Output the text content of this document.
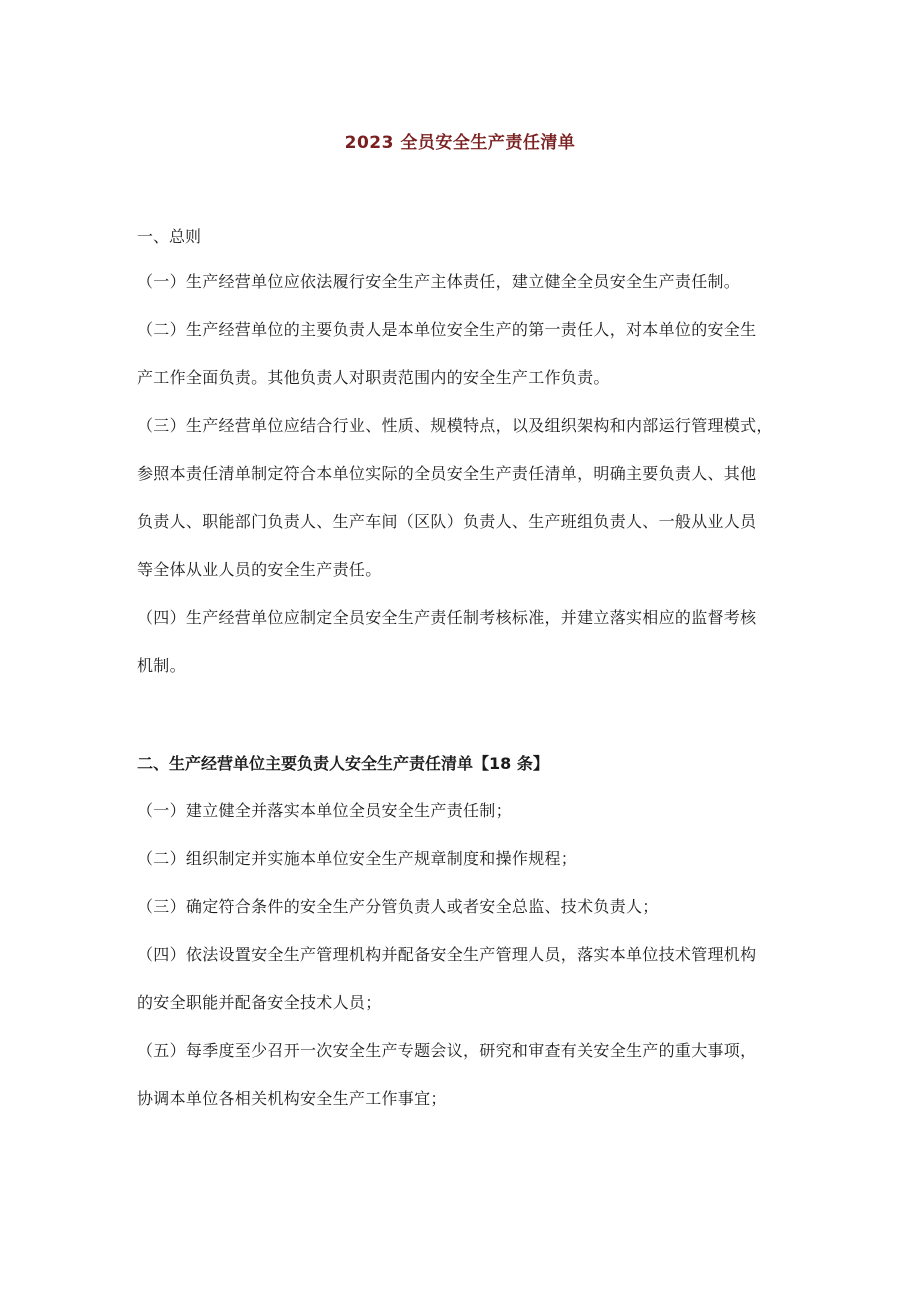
2023 全员安全生产责任清单

一、总则

（一）生产经营单位应依法履行安全生产主体责任，建立健全全员安全生产责任制。

（二）生产经营单位的主要负责人是本单位安全生产的第一责任人，对本单位的安全生

产工作全面负责。其他负责人对职责范围内的安全生产工作负责。

（三）生产经营单位应结合行业、性质、规模特点，以及组织架构和内部运行管理模式，

参照本责任清单制定符合本单位实际的全员安全生产责任清单，明确主要负责人、其他

负责人、职能部门负责人、生产车间（区队）负责人、生产班组负责人、一般从业人员

等全体从业人员的安全生产责任。

（四）生产经营单位应制定全员安全生产责任制考核标准，并建立落实相应的监督考核

机制。

二、生产经营单位主要负责人安全生产责任清单【18 条】

（一）建立健全并落实本单位全员安全生产责任制；

（二）组织制定并实施本单位安全生产规章制度和操作规程；

（三）确定符合条件的安全生产分管负责人或者安全总监、技术负责人；

（四）依法设置安全生产管理机构并配备安全生产管理人员，落实本单位技术管理机构

的安全职能并配备安全技术人员；

（五）每季度至少召开一次安全生产专题会议，研究和审查有关安全生产的重大事项，

协调本单位各相关机构安全生产工作事宜；
